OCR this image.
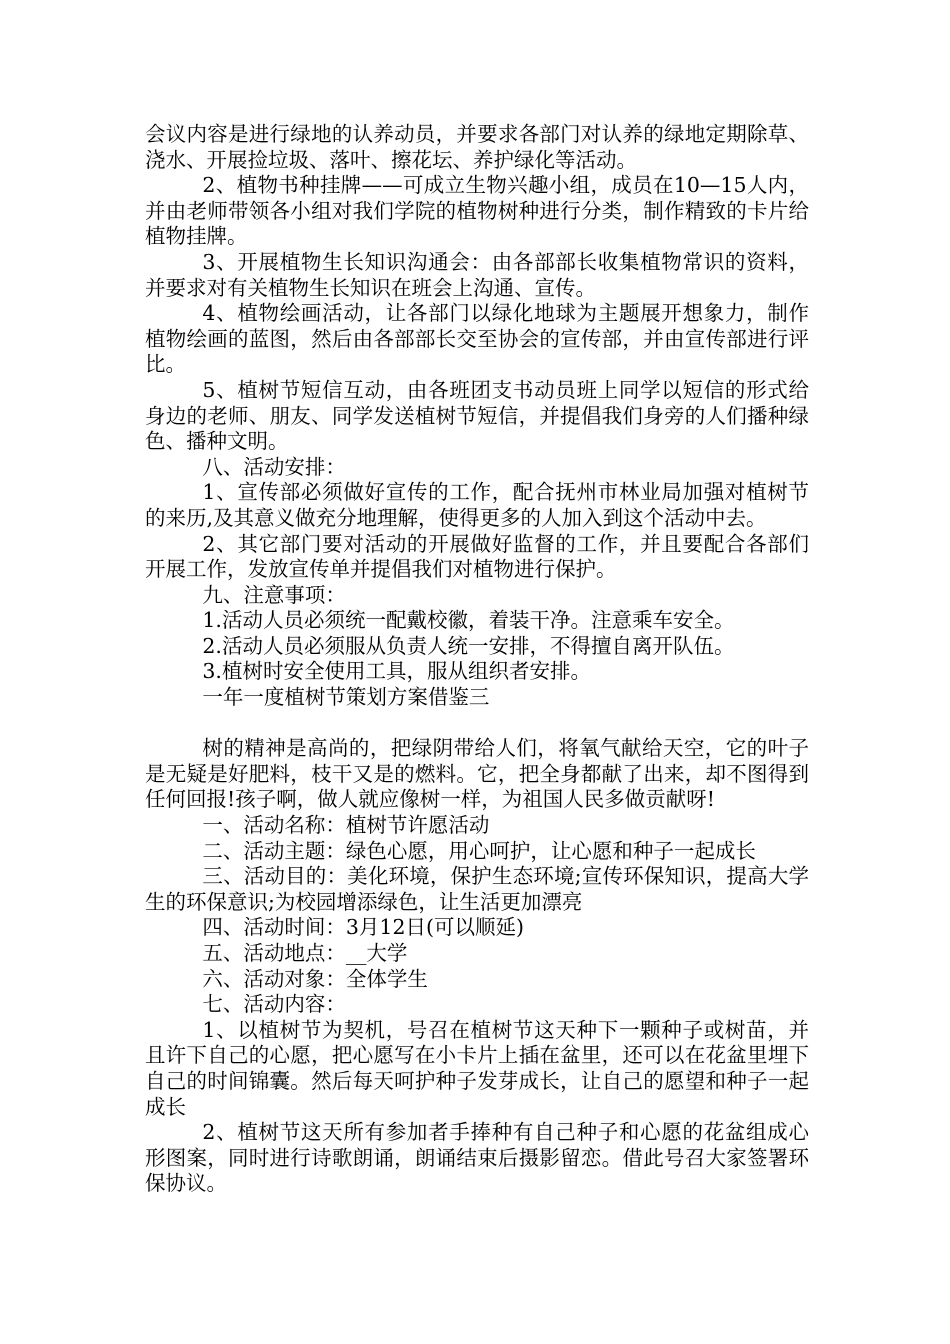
会议内容是进行绿地的认养动员，并要求各部门对认养的绿地定期除草、浇水、开展捡垃圾、落叶、擦花坛、养护绿化等活动。

2、植物书种挂牌——可成立生物兴趣小组，成员在10—15人内，并由老师带领各小组对我们学院的植物树种进行分类，制作精致的卡片给植物挂牌。

3、开展植物生长知识沟通会：由各部部长收集植物常识的资料，并要求对有关植物生长知识在班会上沟通、宣传。

4、植物绘画活动，让各部门以绿化地球为主题展开想象力，制作植物绘画的蓝图，然后由各部部长交至协会的宣传部，并由宣传部进行评比。

5、植树节短信互动，由各班团支书动员班上同学以短信的形式给身边的老师、朋友、同学发送植树节短信，并提倡我们身旁的人们播种绿色、播种文明。

八、活动安排：

1、宣传部必须做好宣传的工作，配合抚州市林业局加强对植树节的来历,及其意义做充分地理解，使得更多的人加入到这个活动中去。

2、其它部门要对活动的开展做好监督的工作，并且要配合各部们开展工作，发放宣传单并提倡我们对植物进行保护。

九、注意事项：

1.活动人员必须统一配戴校徽，着装干净。注意乘车安全。

2.活动人员必须服从负责人统一安排，不得擅自离开队伍。

3.植树时安全使用工具，服从组织者安排。

一年一度植树节策划方案借鉴三

树的精神是高尚的，把绿阴带给人们，将氧气献给天空，它的叶子是无疑是好肥料，枝干又是的燃料。它，把全身都献了出来，却不图得到任何回报!孩子啊，做人就应像树一样，为祖国人民多做贡献呀!

一、活动名称：植树节许愿活动

二、活动主题：绿色心愿，用心呵护，让心愿和种子一起成长

三、活动目的：美化环境，保护生态环境;宣传环保知识，提高大学生的环保意识;为校园增添绿色，让生活更加漂亮

四、活动时间：3月12日(可以顺延)

五、活动地点：__大学

六、活动对象：全体学生

七、活动内容：

1、以植树节为契机，号召在植树节这天种下一颗种子或树苗，并且许下自己的心愿，把心愿写在小卡片上插在盆里，还可以在花盆里埋下自己的时间锦囊。然后每天呵护种子发芽成长，让自己的愿望和种子一起成长

2、植树节这天所有参加者手捧种有自己种子和心愿的花盆组成心形图案，同时进行诗歌朗诵，朗诵结束后摄影留恋。借此号召大家签署环保协议。
